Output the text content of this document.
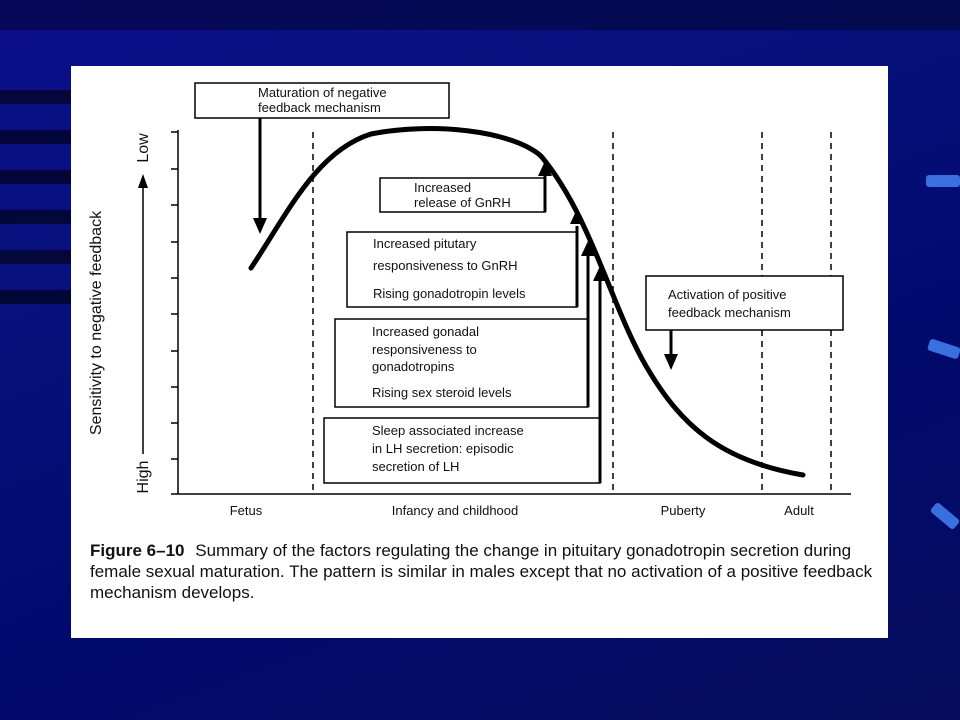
Sensitivity to negative feedback
Low
High
Fetus	Infancy and childhood	Puberty	Adult
Maturation of negative
feedback mechanism
Increased
release of GnRH
Increased pitutary
responsiveness to GnRH
Rising gonadotropin levels
Increased gonadal
responsiveness to
gonadotropins
Rising sex steroid levels
Sleep associated increase
in LH secretion: episodic
secretion of LH
Activation of positive
feedback mechanism
Figure 6–10 Summary of the factors regulating the change in pituitary gonadotropin secretion during female sexual maturation. The pattern is similar in males except that no activation of a positive feedback mechanism develops.
